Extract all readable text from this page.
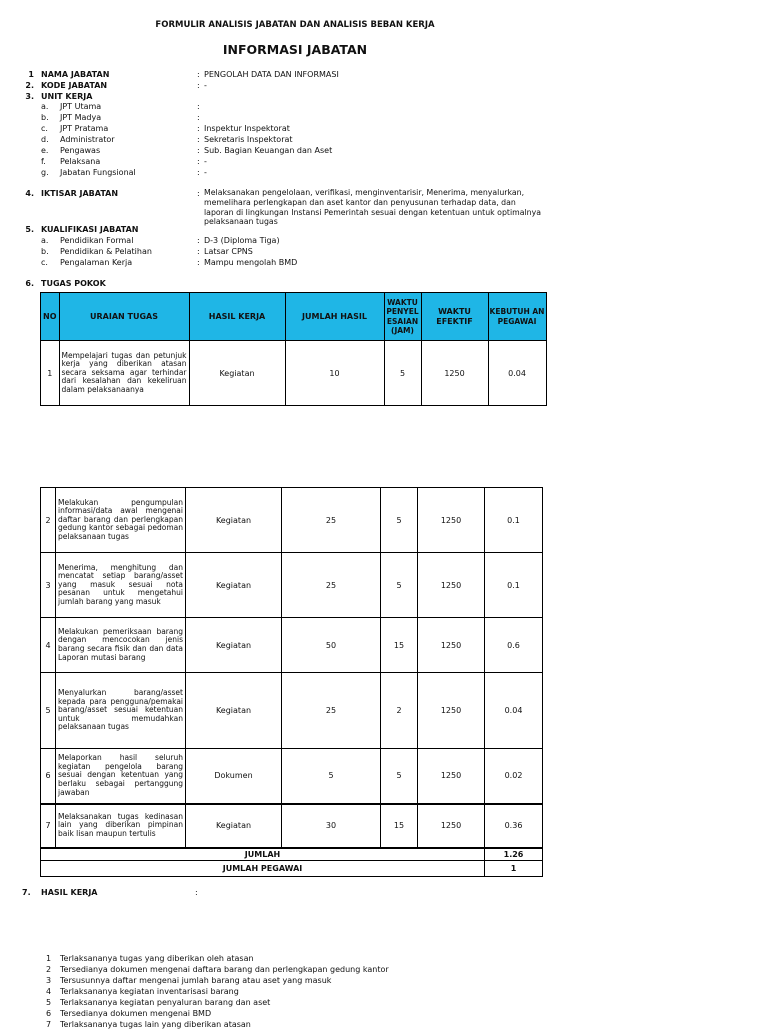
FORMULIR ANALISIS JABATAN DAN ANALISIS BEBAN KERJA
INFORMASI JABATAN
1 NAMA JABATAN	: PENGOLAH DATA DAN INFORMASI
2. KODE JABATAN	: -
3. UNIT KERJA
a. JPT Utama	:
b. JPT Madya	:
c. JPT Pratama	: Inspektur Inspektorat
d. Administrator	: Sekretaris Inspektorat
e. Pengawas	: Sub. Bagian Keuangan dan Aset
f. Pelaksana	: -
g. Jabatan Fungsional	: -
4. IKTISAR JABATAN	: Melaksanakan pengelolaan, verifikasi, menginventarisir, Menerima, menyalurkan,
memelihara perlengkapan dan aset kantor dan penyusunan terhadap data, dan
laporan di lingkungan Instansi Pemerintah sesuai dengan ketentuan untuk optimalnya
pelaksanaan tugas
5. KUALIFIKASI JABATAN
a. Pendidikan Formal	: D-3 (Diploma Tiga)
b. Pendidikan & Pelatihan	: Latsar CPNS
c. Pengalaman Kerja	: Mampu mengolah BMD
6. TUGAS POKOK
NO	URAIAN TUGAS	HASIL KERJA	JUMLAH HASIL	WAKTU PENYEL ESAIAN (JAM)	WAKTU EFEKTIF	KEBUTUH AN PEGAWAI
1	Mempelajari tugas dan petunjuk kerja yang diberikan atasan secara seksama agar terhindar dari kesalahan dan kekeliruan dalam pelaksanaanya	Kegiatan	10	5	1250	0.04
2	Melakukan pengumpulan informasi/data awal mengenai daftar barang dan perlengkapan gedung kantor sebagai pedoman pelaksanaan tugas	Kegiatan	25	5	1250	0.1
3	Menerima, menghitung dan mencatat setiap barang/asset yang masuk sesuai nota pesanan untuk mengetahui jumlah barang yang masuk	Kegiatan	25	5	1250	0.1
4	Melakukan pemeriksaan barang dengan mencocokan jenis barang secara fisik dan dan data Laporan mutasi barang	Kegiatan	50	15	1250	0.6
5	Menyalurkan barang/asset kepada para pengguna/pemakai barang/asset sesuai ketentuan untuk memudahkan pelaksanaan tugas	Kegiatan	25	2	1250	0.04
6	Melaporkan hasil seluruh kegiatan pengelola barang sesuai dengan ketentuan yang berlaku sebagai pertanggung jawaban	Dokumen	5	5	1250	0.02
7	Melaksanakan tugas kedinasan lain yang diberikan pimpinan baik lisan maupun tertulis	Kegiatan	30	15	1250	0.36
JUMLAH						1.26
JUMLAH PEGAWAI						1
7. HASIL KERJA	:
1 Terlaksananya tugas yang diberikan oleh atasan
2 Tersedianya dokumen mengenai daftara barang dan perlengkapan gedung kantor
3 Tersusunnya daftar mengenai jumlah barang atau aset yang masuk
4 Terlaksananya kegiatan inventarisasi barang
5 Terlaksananya kegiatan penyaluran barang dan aset
6 Tersedianya dokumen mengenai BMD
7 Terlaksananya tugas lain yang diberikan atasan
